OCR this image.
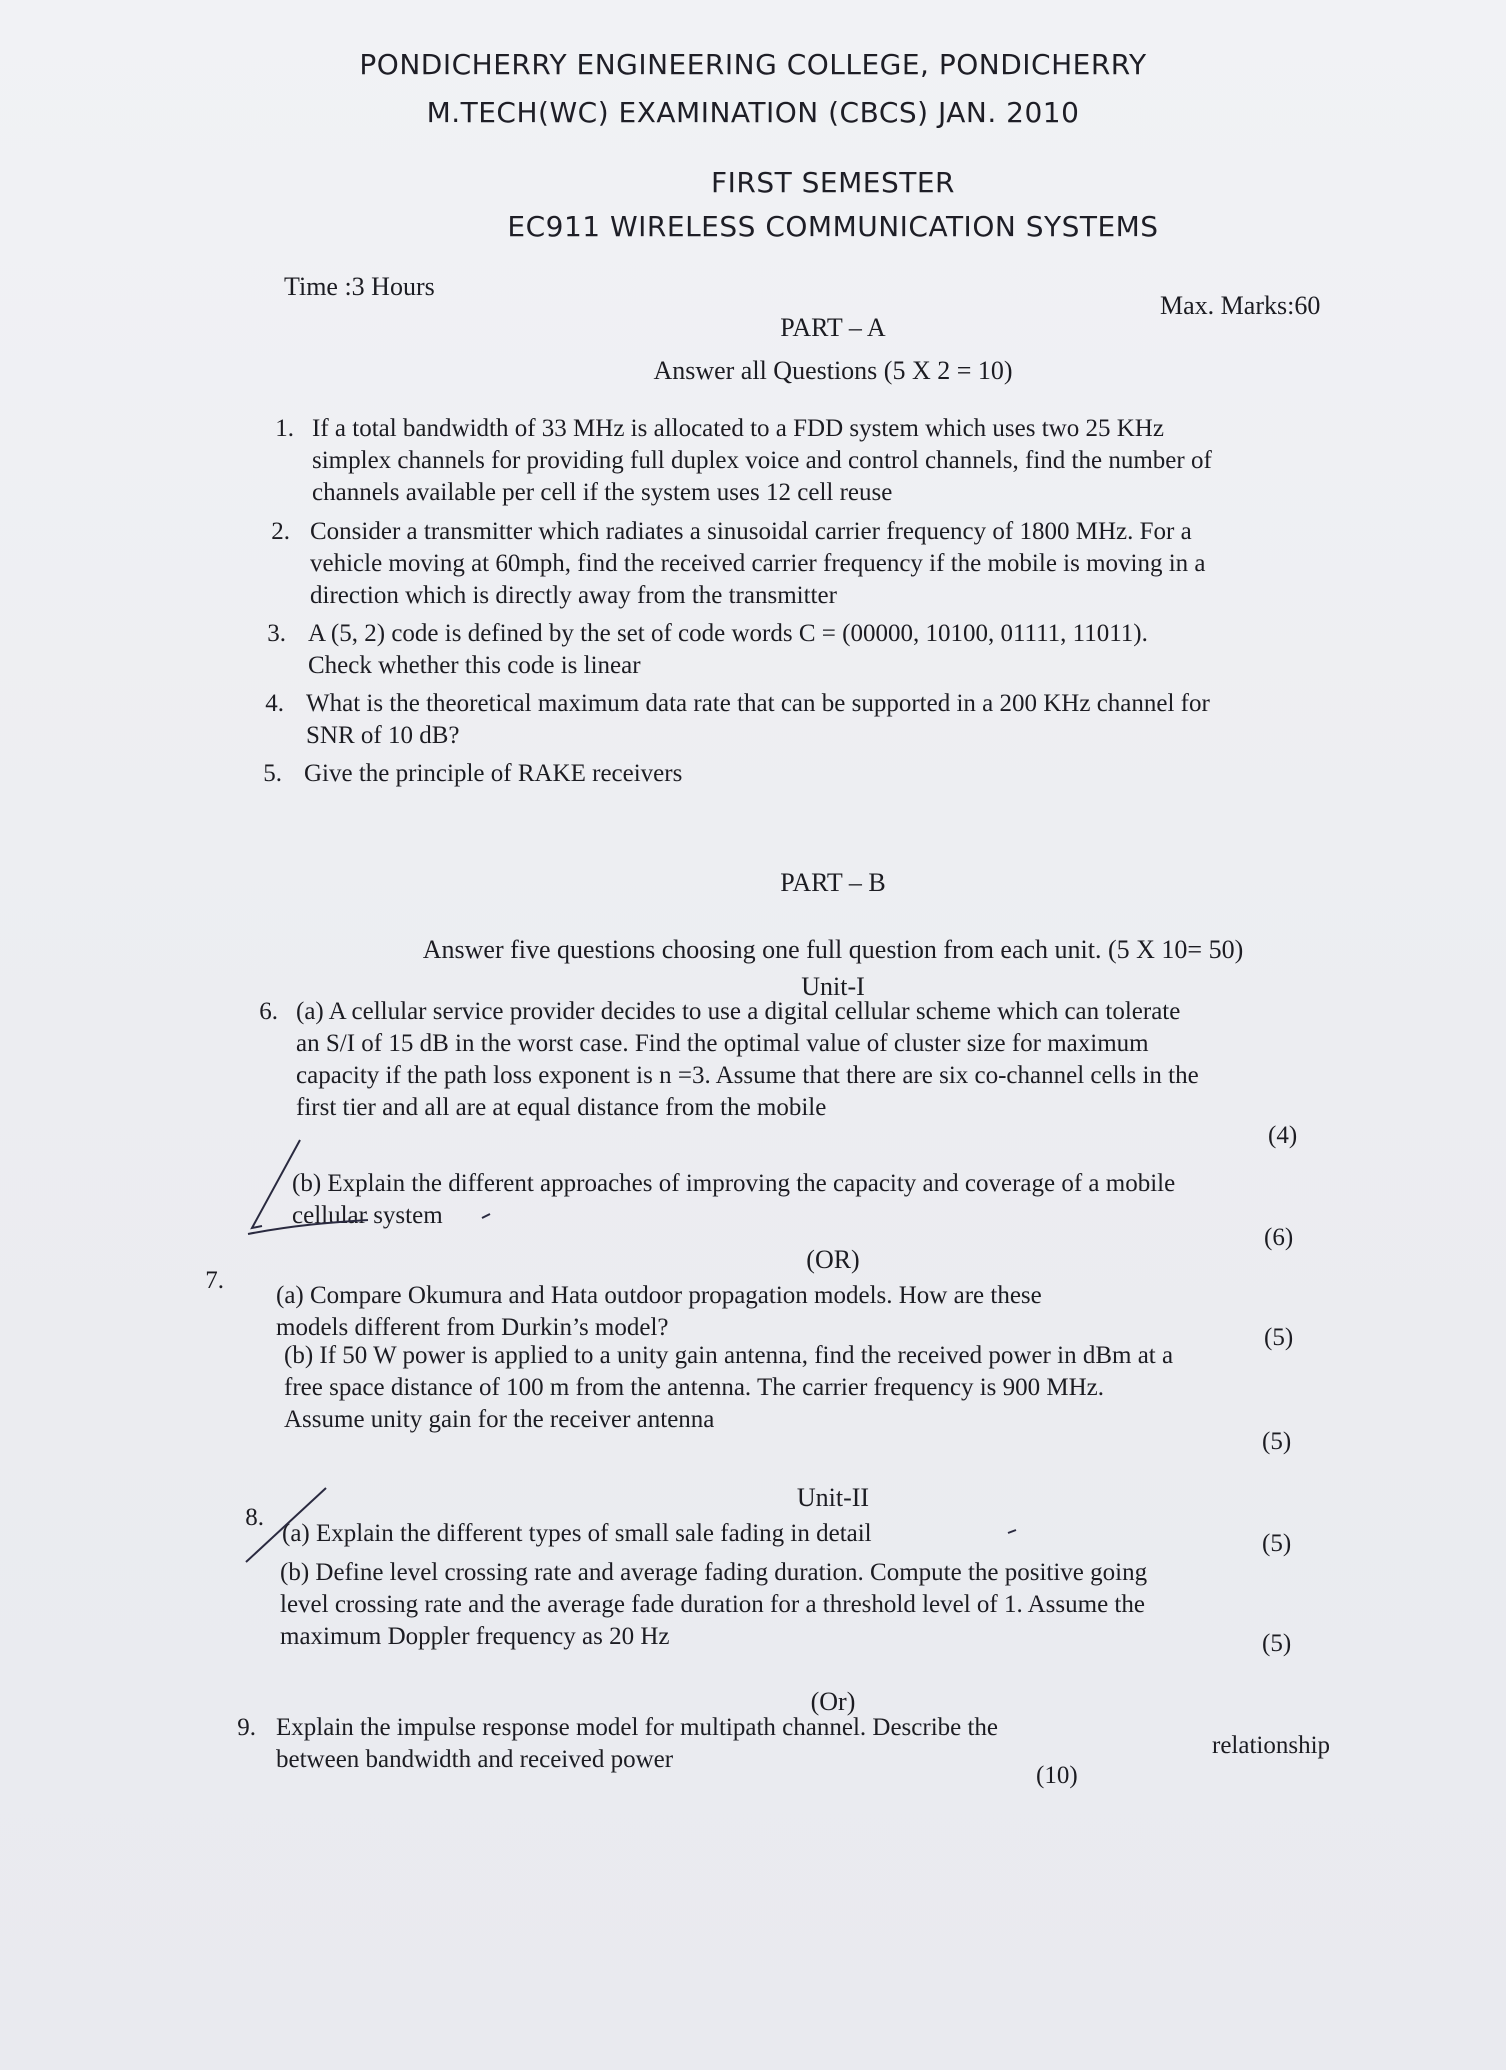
PONDICHERRY ENGINEERING COLLEGE, PONDICHERRY
M.TECH(WC) EXAMINATION (CBCS) JAN. 2010
FIRST SEMESTER
EC911 WIRELESS COMMUNICATION SYSTEMS
Time :3 Hours
Max. Marks:60
PART – A
Answer all Questions (5 X 2 = 10)
1. If a total bandwidth of 33 MHz is allocated to a FDD system which uses two 25 KHz
simplex channels for providing full duplex voice and control channels, find the number of
channels available per cell if the system uses 12 cell reuse
2. Consider a transmitter which radiates a sinusoidal carrier frequency of 1800 MHz. For a
vehicle moving at 60mph, find the received carrier frequency if the mobile is moving in a
direction which is directly away from the transmitter
3. A (5, 2) code is defined by the set of code words C = (00000, 10100, 01111, 11011).
Check whether this code is linear
4. What is the theoretical maximum data rate that can be supported in a 200 KHz channel for
SNR of 10 dB?
5. Give the principle of RAKE receivers
PART – B
Answer five questions choosing one full question from each unit. (5 X 10= 50)
Unit-I
6. (a) A cellular service provider decides to use a digital cellular scheme which can tolerate
an S/I of 15 dB in the worst case. Find the optimal value of cluster size for maximum
capacity if the path loss exponent is n =3. Assume that there are six co-channel cells in the
first tier and all are at equal distance from the mobile
(4)
(b) Explain the different approaches of improving the capacity and coverage of a mobile
cellular system
(6)
(OR)
7.
(a) Compare Okumura and Hata outdoor propagation models. How are these
models different from Durkin’s model?	(5)
(b) If 50 W power is applied to a unity gain antenna, find the received power in dBm at a
free space distance of 100 m from the antenna. The carrier frequency is 900 MHz.
Assume unity gain for the receiver antenna
(5)
Unit-II
8.
(a) Explain the different types of small sale fading in detail	(5)
(b) Define level crossing rate and average fading duration. Compute the positive going
level crossing rate and the average fade duration for a threshold level of 1. Assume the
maximum Doppler frequency as 20 Hz	(5)
(Or)
9. Explain the impulse response model for multipath channel. Describe the
between bandwidth and received power
relationship
(10)
